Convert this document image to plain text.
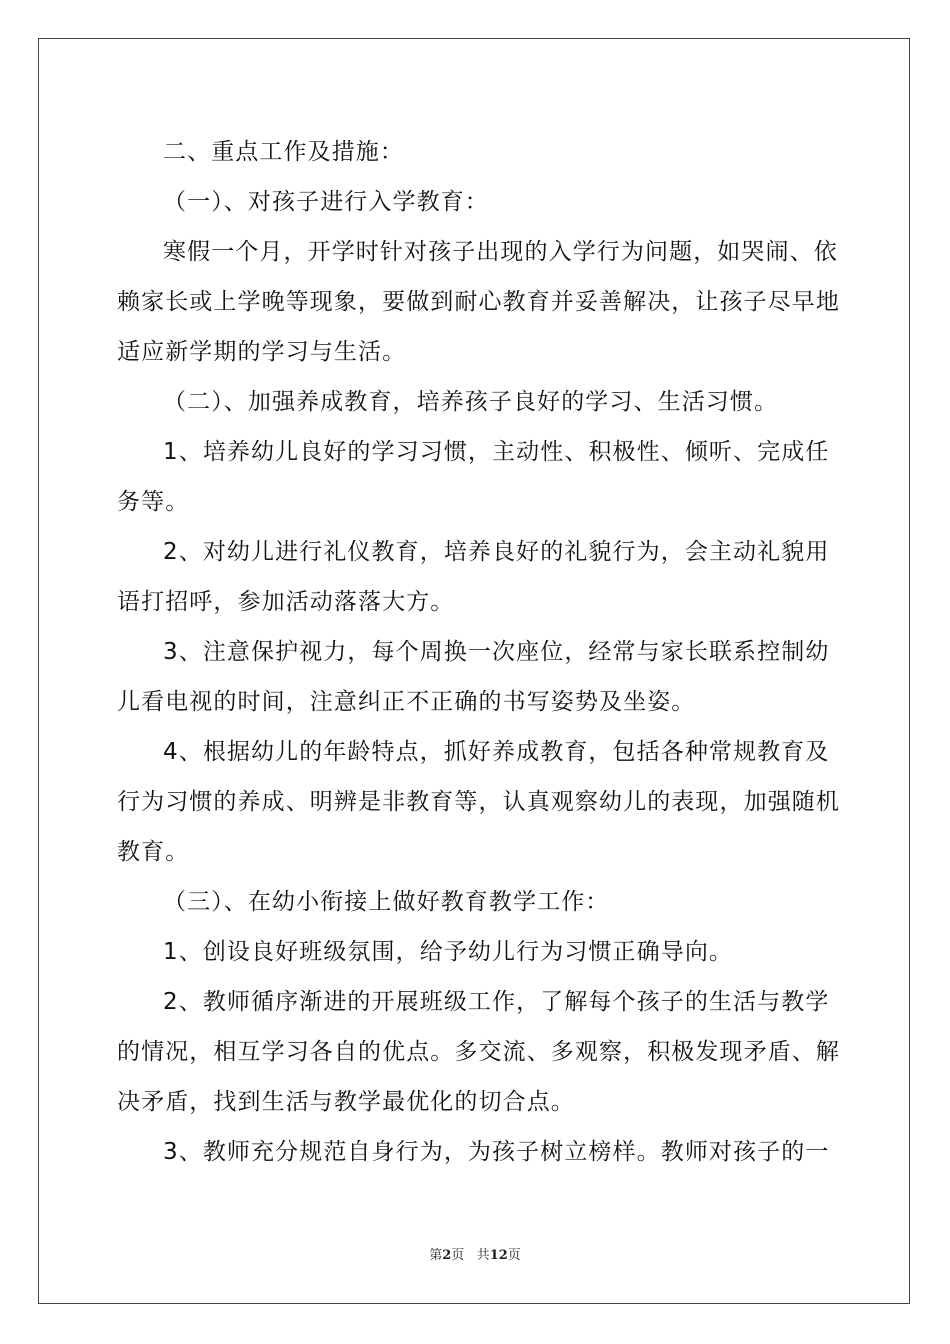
二、重点工作及措施：
（一）、对孩子进行入学教育：
寒假一个月，开学时针对孩子出现的入学行为问题，如哭闹、依
赖家长或上学晚等现象，要做到耐心教育并妥善解决，让孩子尽早地
适应新学期的学习与生活。
（二）、加强养成教育，培养孩子良好的学习、生活习惯。
1、培养幼儿良好的学习习惯，主动性、积极性、倾听、完成任
务等。
2、对幼儿进行礼仪教育，培养良好的礼貌行为，会主动礼貌用
语打招呼，参加活动落落大方。
3、注意保护视力，每个周换一次座位，经常与家长联系控制幼
儿看电视的时间，注意纠正不正确的书写姿势及坐姿。
4、根据幼儿的年龄特点，抓好养成教育，包括各种常规教育及
行为习惯的养成、明辨是非教育等，认真观察幼儿的表现，加强随机
教育。
（三）、在幼小衔接上做好教育教学工作：
1、创设良好班级氛围，给予幼儿行为习惯正确导向。
2、教师循序渐进的开展班级工作，了解每个孩子的生活与教学
的情况，相互学习各自的优点。多交流、多观察，积极发现矛盾、解
决矛盾，找到生活与教学最优化的切合点。
3、教师充分规范自身行为，为孩子树立榜样。教师对孩子的一
第2页 共12页
